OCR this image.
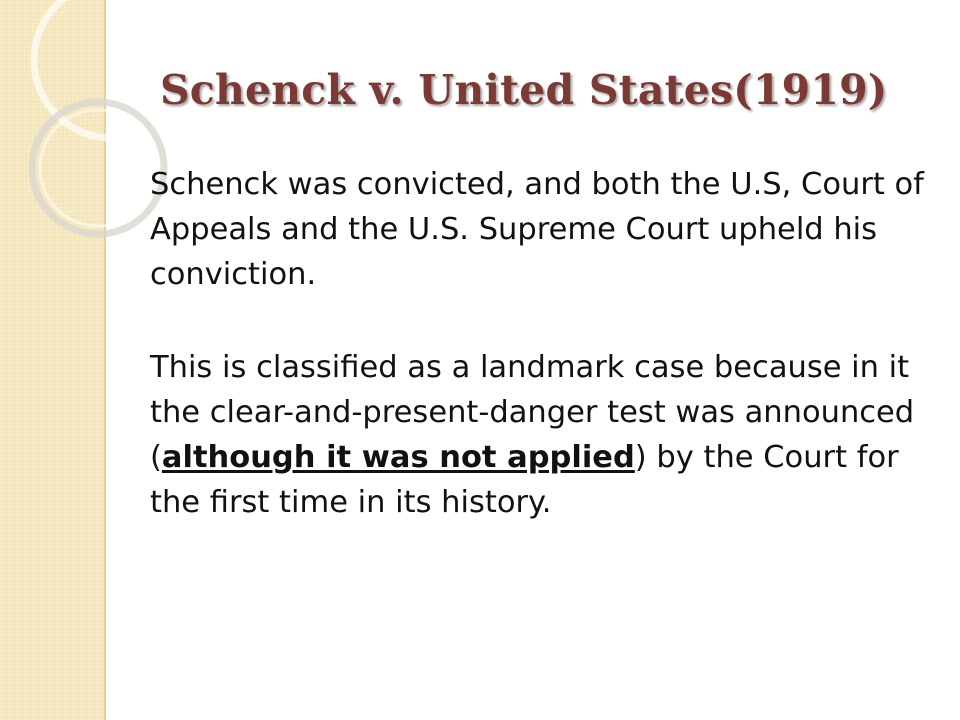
Schenck v. United States(1919)

Schenck was convicted, and both the U.S, Court of Appeals and the U.S. Supreme Court upheld his conviction.

This is classified as a landmark case because in it the clear-and-present-danger test was announced (although it was not applied) by the Court for the first time in its history.
